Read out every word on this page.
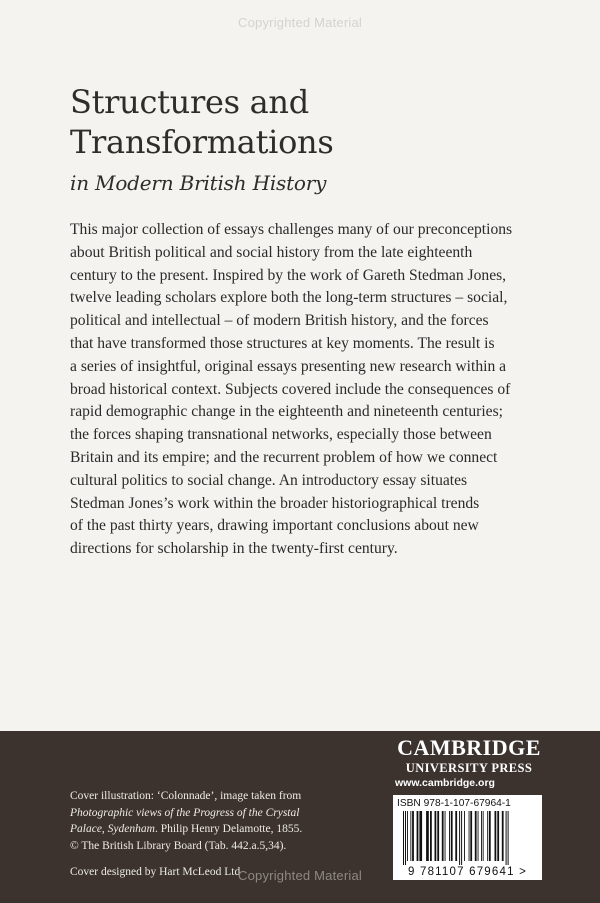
Copyrighted Material
Structures and
Transformations
in Modern British History
This major collection of essays challenges many of our preconceptions
about British political and social history from the late eighteenth
century to the present. Inspired by the work of Gareth Stedman Jones,
twelve leading scholars explore both the long-term structures – social,
political and intellectual – of modern British history, and the forces
that have transformed those structures at key moments. The result is
a series of insightful, original essays presenting new research within a
broad historical context. Subjects covered include the consequences of
rapid demographic change in the eighteenth and nineteenth centuries;
the forces shaping transnational networks, especially those between
Britain and its empire; and the recurrent problem of how we connect
cultural politics to social change. An introductory essay situates
Stedman Jones’s work within the broader historiographical trends
of the past thirty years, drawing important conclusions about new
directions for scholarship in the twenty-first century.
Cover illustration: ‘Colonnade’, image taken from
Photographic views of the Progress of the Crystal
Palace, Sydenham. Philip Henry Delamotte, 1855.
© The British Library Board (Tab. 442.a.5,34).
Cover designed by Hart McLeod Ltd
CAMBRIDGE
UNIVERSITY PRESS
www.cambridge.org
ISBN 978-1-107-67964-1
9 781107 679641 >
Copyrighted Material
